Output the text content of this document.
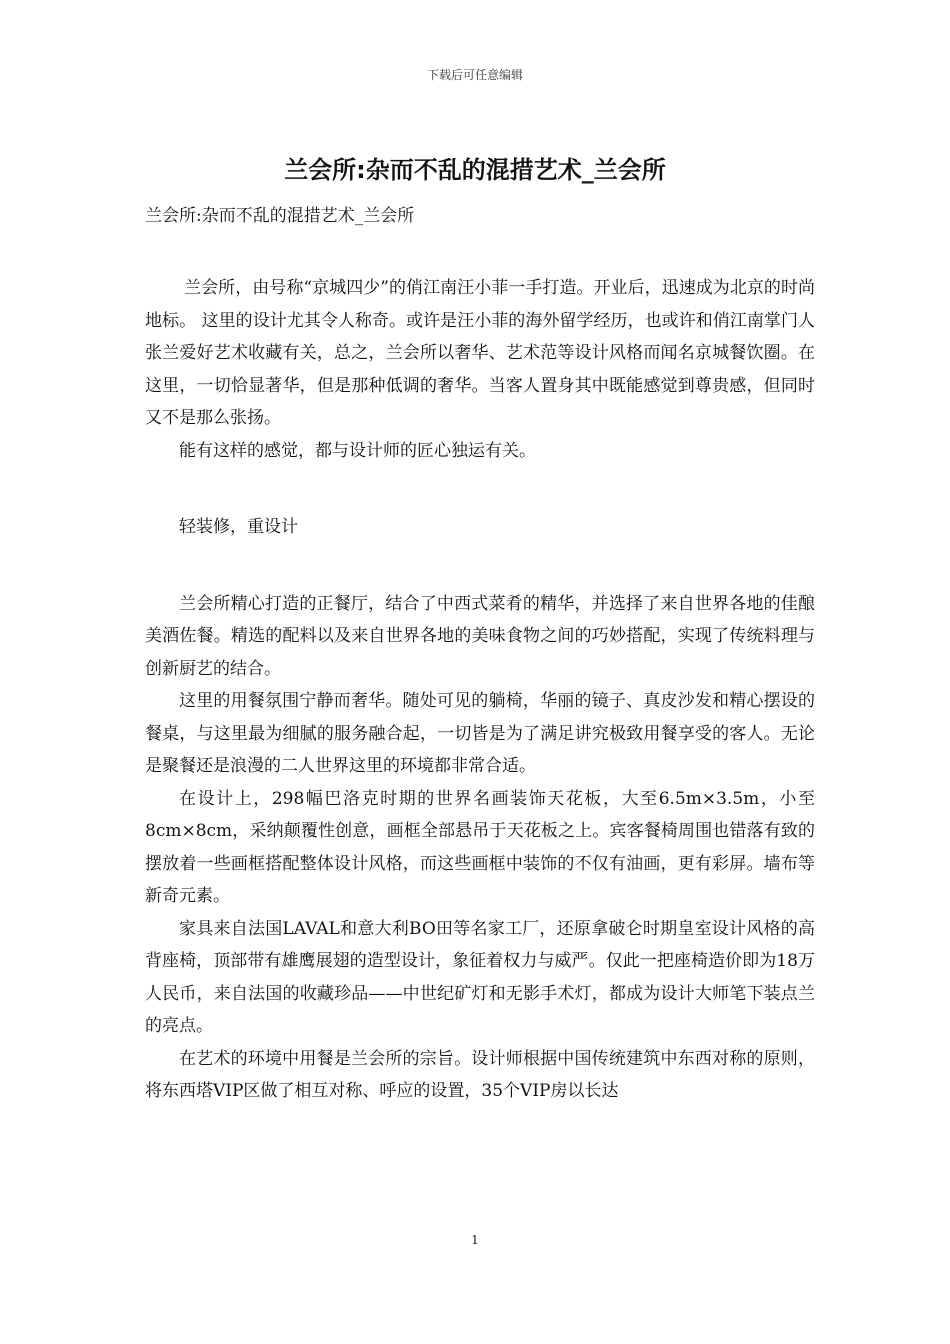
下载后可任意编辑
兰会所:杂而不乱的混措艺术_兰会所
兰会所:杂而不乱的混措艺术_兰会所

兰会所，由号称“京城四少”的俏江南汪小菲一手打造。开业后，迅速成为北京的时尚地标。 这里的设计尤其令人称奇。或许是汪小菲的海外留学经历，也或许和俏江南掌门人张兰爱好艺术收藏有关，总之，兰会所以奢华、艺术范等设计风格而闻名京城餐饮圈。在这里，一切恰显著华，但是那种低调的奢华。当客人置身其中既能感觉到尊贵感，但同时又不是那么张扬。

能有这样的感觉，都与设计师的匠心独运有关。

轻装修，重设计

兰会所精心打造的正餐厅，结合了中西式菜肴的精华，并选择了来自世界各地的佳酿美酒佐餐。精选的配料以及来自世界各地的美味食物之间的巧妙搭配，实现了传统料理与创新厨艺的结合。

这里的用餐氛围宁静而奢华。随处可见的躺椅，华丽的镜子、真皮沙发和精心摆设的餐桌，与这里最为细腻的服务融合起，一切皆是为了满足讲究极致用餐享受的客人。无论是聚餐还是浪漫的二人世界这里的环境都非常合适。

在设计上，298幅巴洛克时期的世界名画装饰天花板，大至6.5m×3.5m，小至8cm×8cm，采纳颠覆性创意，画框全部悬吊于天花板之上。宾客餐椅周围也错落有致的摆放着一些画框搭配整体设计风格，而这些画框中装饰的不仅有油画，更有彩屏。墙布等新奇元素。

家具来自法国LAVAL和意大利BO田等名家工厂，还原拿破仑时期皇室设计风格的高背座椅，顶部带有雄鹰展翅的造型设计，象征着权力与威严。仅此一把座椅造价即为18万人民币，来自法国的收藏珍品——中世纪矿灯和无影手术灯，都成为设计大师笔下装点兰的亮点。

在艺术的环境中用餐是兰会所的宗旨。设计师根据中国传统建筑中东西对称的原则，将东西塔VIP区做了相互对称、呼应的设置，35个VIP房以长达

1
